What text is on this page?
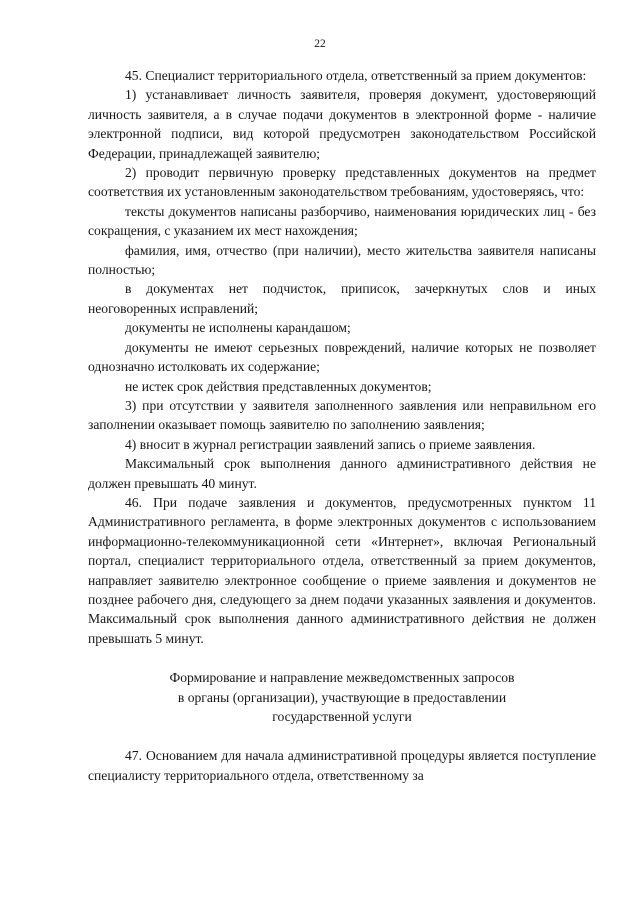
22

45. Специалист территориального отдела, ответственный за прием документов:

1) устанавливает личность заявителя, проверяя документ, удостоверяющий личность заявителя, а в случае подачи документов в электронной форме - наличие электронной подписи, вид которой предусмотрен законодательством Российской Федерации, принадлежащей заявителю;

2) проводит первичную проверку представленных документов на предмет соответствия их установленным законодательством требованиям, удостоверяясь, что:

тексты документов написаны разборчиво, наименования юридических лиц - без сокращения, с указанием их мест нахождения;

фамилия, имя, отчество (при наличии), место жительства заявителя написаны полностью;

в документах нет подчисток, приписок, зачеркнутых слов и иных неоговоренных исправлений;

документы не исполнены карандашом;

документы не имеют серьезных повреждений, наличие которых не позволяет однозначно истолковать их содержание;

не истек срок действия представленных документов;

3) при отсутствии у заявителя заполненного заявления или неправильном его заполнении оказывает помощь заявителю по заполнению заявления;

4) вносит в журнал регистрации заявлений запись о приеме заявления.

Максимальный срок выполнения данного административного действия не должен превышать 40 минут.

46. При подаче заявления и документов, предусмотренных пунктом 11 Административного регламента, в форме электронных документов с использованием информационно-телекоммуникационной сети «Интернет», включая Региональный портал, специалист территориального отдела, ответственный за прием документов, направляет заявителю электронное сообщение о приеме заявления и документов не позднее рабочего дня, следующего за днем подачи указанных заявления и документов. Максимальный срок выполнения данного административного действия не должен превышать 5 минут.

Формирование и направление межведомственных запросов
в органы (организации), участвующие в предоставлении
государственной услуги

47. Основанием для начала административной процедуры является поступление специалисту территориального отдела, ответственному за
